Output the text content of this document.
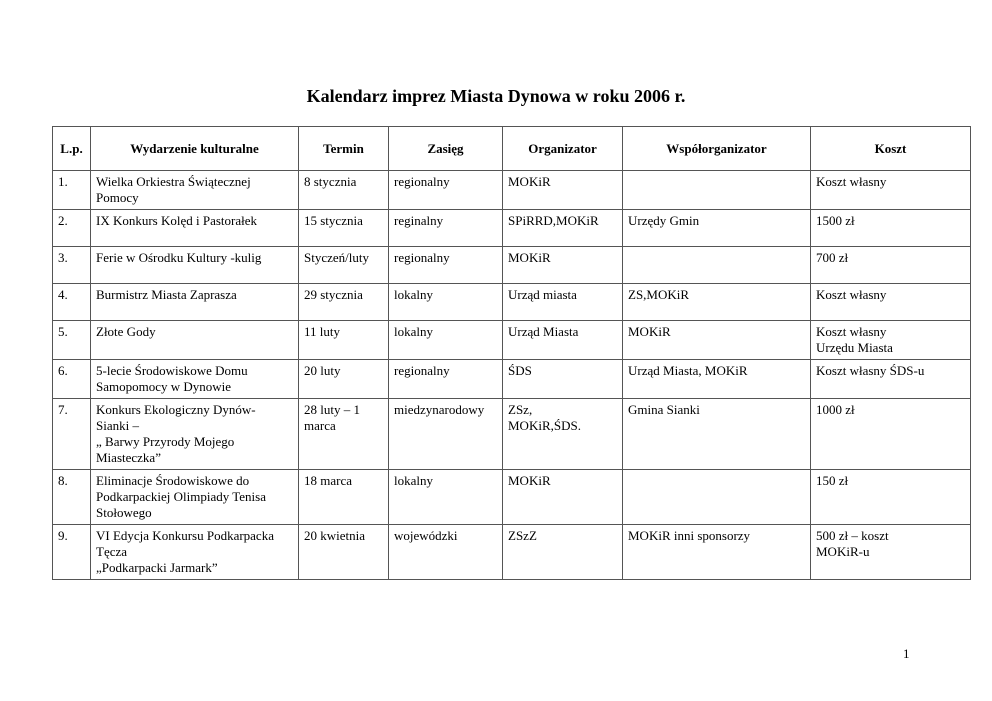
Kalendarz imprez Miasta Dynowa w roku 2006 r.
L.p.	Wydarzenie kulturalne	Termin	Zasięg	Organizator	Współorganizator	Koszt
1.	Wielka Orkiestra Świątecznej Pomocy	8 stycznia	regionalny	MOKiR		Koszt własny
2.	IX Konkurs Kolęd i Pastorałek	15 stycznia	reginalny	SPiRRD,MOKiR	Urzędy Gmin	1500 zł
3.	Ferie w Ośrodku Kultury -kulig	Styczeń/luty	regionalny	MOKiR		700 zł
4.	Burmistrz Miasta Zaprasza	29 stycznia	lokalny	Urząd miasta	ZS,MOKiR	Koszt własny
5.	Złote Gody	11 luty	lokalny	Urząd Miasta	MOKiR	Koszt własny
Urzędu Miasta
6.	5-lecie Środowiskowe Domu Samopomocy w Dynowie	20 luty	regionalny	ŚDS	Urząd Miasta, MOKiR	Koszt własny ŚDS-u
7.	Konkurs Ekologiczny Dynów-
Sianki –
„ Barwy Przyrody Mojego
Miasteczka”	28 luty – 1
marca	miedzynarodowy	ZSz,
MOKiR,ŚDS.	Gmina Sianki	1000 zł
8.	Eliminacje Środowiskowe do
Podkarpackiej Olimpiady Tenisa
Stołowego	18 marca	lokalny	MOKiR		150 zł
9.	VI Edycja Konkursu Podkarpacka
Tęcza
„Podkarpacki Jarmark”	20 kwietnia	wojewódzki	ZSzZ	MOKiR inni sponsorzy	500 zł – koszt
MOKiR-u
1
